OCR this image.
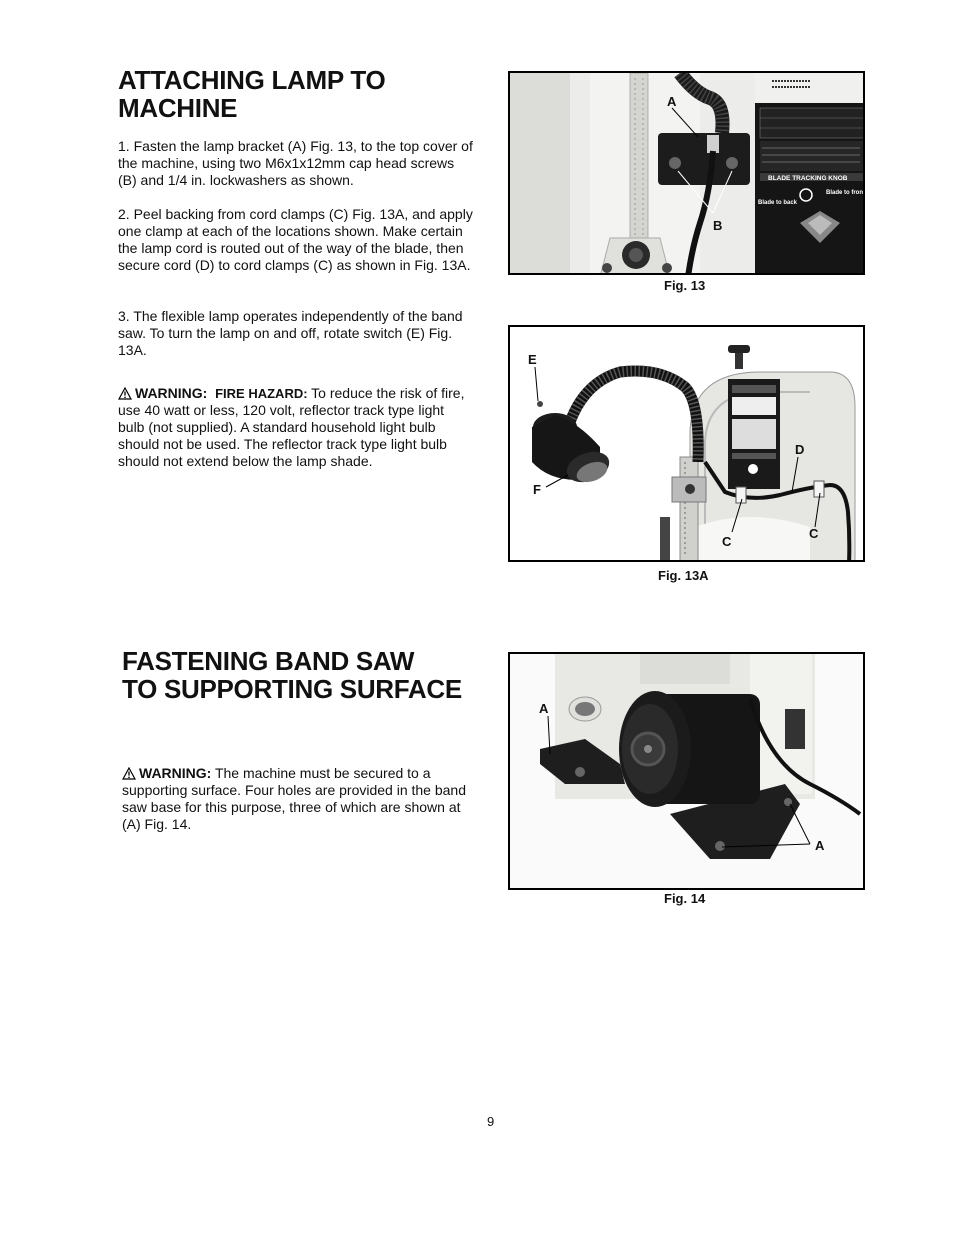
ATTACHING LAMP TO
MACHINE

1. Fasten the lamp bracket (A) Fig. 13, to the top cover of the machine, using two M6x1x12mm cap head screws (B) and 1/4 in. lockwashers as shown.

2. Peel backing from cord clamps (C) Fig. 13A, and apply one clamp at each of the locations shown. Make certain the lamp cord is routed out of the way of the blade, then secure cord (D) to cord clamps (C) as shown in Fig. 13A.

3. The flexible lamp operates independently of the band saw. To turn the lamp on and off, rotate switch (E) Fig. 13A.

WARNING: FIRE HAZARD: To reduce the risk of fire, use 40 watt or less, 120 volt, reflector track type light bulb (not supplied). A standard household light bulb should not be used. The reflector track type light bulb should not extend below the lamp shade.

BLADE TRACKING KNOB
Blade to back
Blade to front
A
B
Fig. 13
E
F
D
C
C
Fig. 13A
FASTENING BAND SAW
TO SUPPORTING SURFACE

WARNING: The machine must be secured to a supporting surface. Four holes are provided in the band saw base for this purpose, three of which are shown at (A) Fig. 14.

A
A
Fig. 14
9
